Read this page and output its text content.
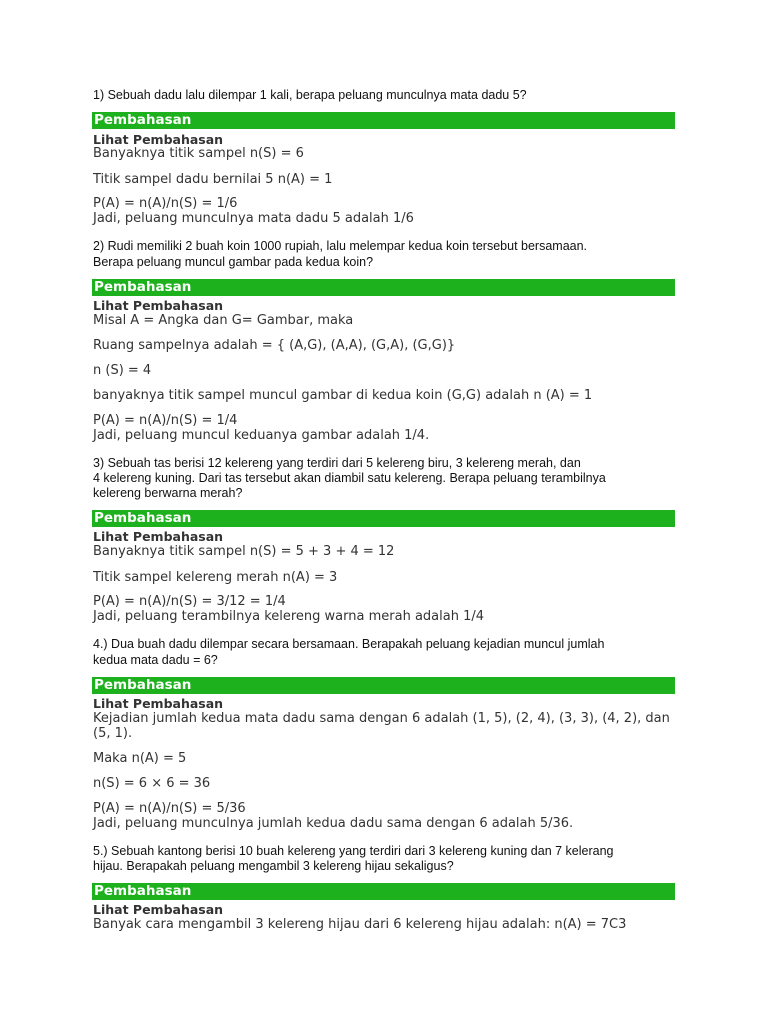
1) Sebuah dadu lalu dilempar 1 kali, berapa peluang munculnya mata dadu 5?
Pembahasan
Lihat Pembahasan
Banyaknya titik sampel n(S) = 6
Titik sampel dadu bernilai 5 n(A) = 1
P(A) = n(A)/n(S) = 1/6
Jadi, peluang munculnya mata dadu 5 adalah 1/6
2) Rudi memiliki 2 buah koin 1000 rupiah, lalu melempar kedua koin tersebut bersamaan.
Berapa peluang muncul gambar pada kedua koin?
Pembahasan
Lihat Pembahasan
Misal A = Angka dan G= Gambar, maka
Ruang sampelnya adalah = { (A,G), (A,A), (G,A), (G,G)}
n (S) = 4
banyaknya titik sampel muncul gambar di kedua koin (G,G) adalah n (A) = 1
P(A) = n(A)/n(S) = 1/4
Jadi, peluang muncul keduanya gambar adalah 1/4.
3) Sebuah tas berisi 12 kelereng yang terdiri dari 5 kelereng biru, 3 kelereng merah, dan
4 kelereng kuning. Dari tas tersebut akan diambil satu kelereng. Berapa peluang terambilnya
kelereng berwarna merah?
Pembahasan
Lihat Pembahasan
Banyaknya titik sampel n(S) = 5 + 3 + 4 = 12
Titik sampel kelereng merah n(A) = 3
P(A) = n(A)/n(S) = 3/12 = 1/4
Jadi, peluang terambilnya kelereng warna merah adalah 1/4
4.) Dua buah dadu dilempar secara bersamaan. Berapakah peluang kejadian muncul jumlah
kedua mata dadu = 6?
Pembahasan
Lihat Pembahasan
Kejadian jumlah kedua mata dadu sama dengan 6 adalah (1, 5), (2, 4), (3, 3), (4, 2), dan (5, 1).
Maka n(A) = 5
n(S) = 6 × 6 = 36
P(A) = n(A)/n(S) = 5/36
Jadi, peluang munculnya jumlah kedua dadu sama dengan 6 adalah 5/36.
5.) Sebuah kantong berisi 10 buah kelereng yang terdiri dari 3 kelereng kuning dan 7 kelerang
hijau. Berapakah peluang mengambil 3 kelereng hijau sekaligus?
Pembahasan
Lihat Pembahasan
Banyak cara mengambil 3 kelereng hijau dari 6 kelereng hijau adalah: n(A) = 7C3
